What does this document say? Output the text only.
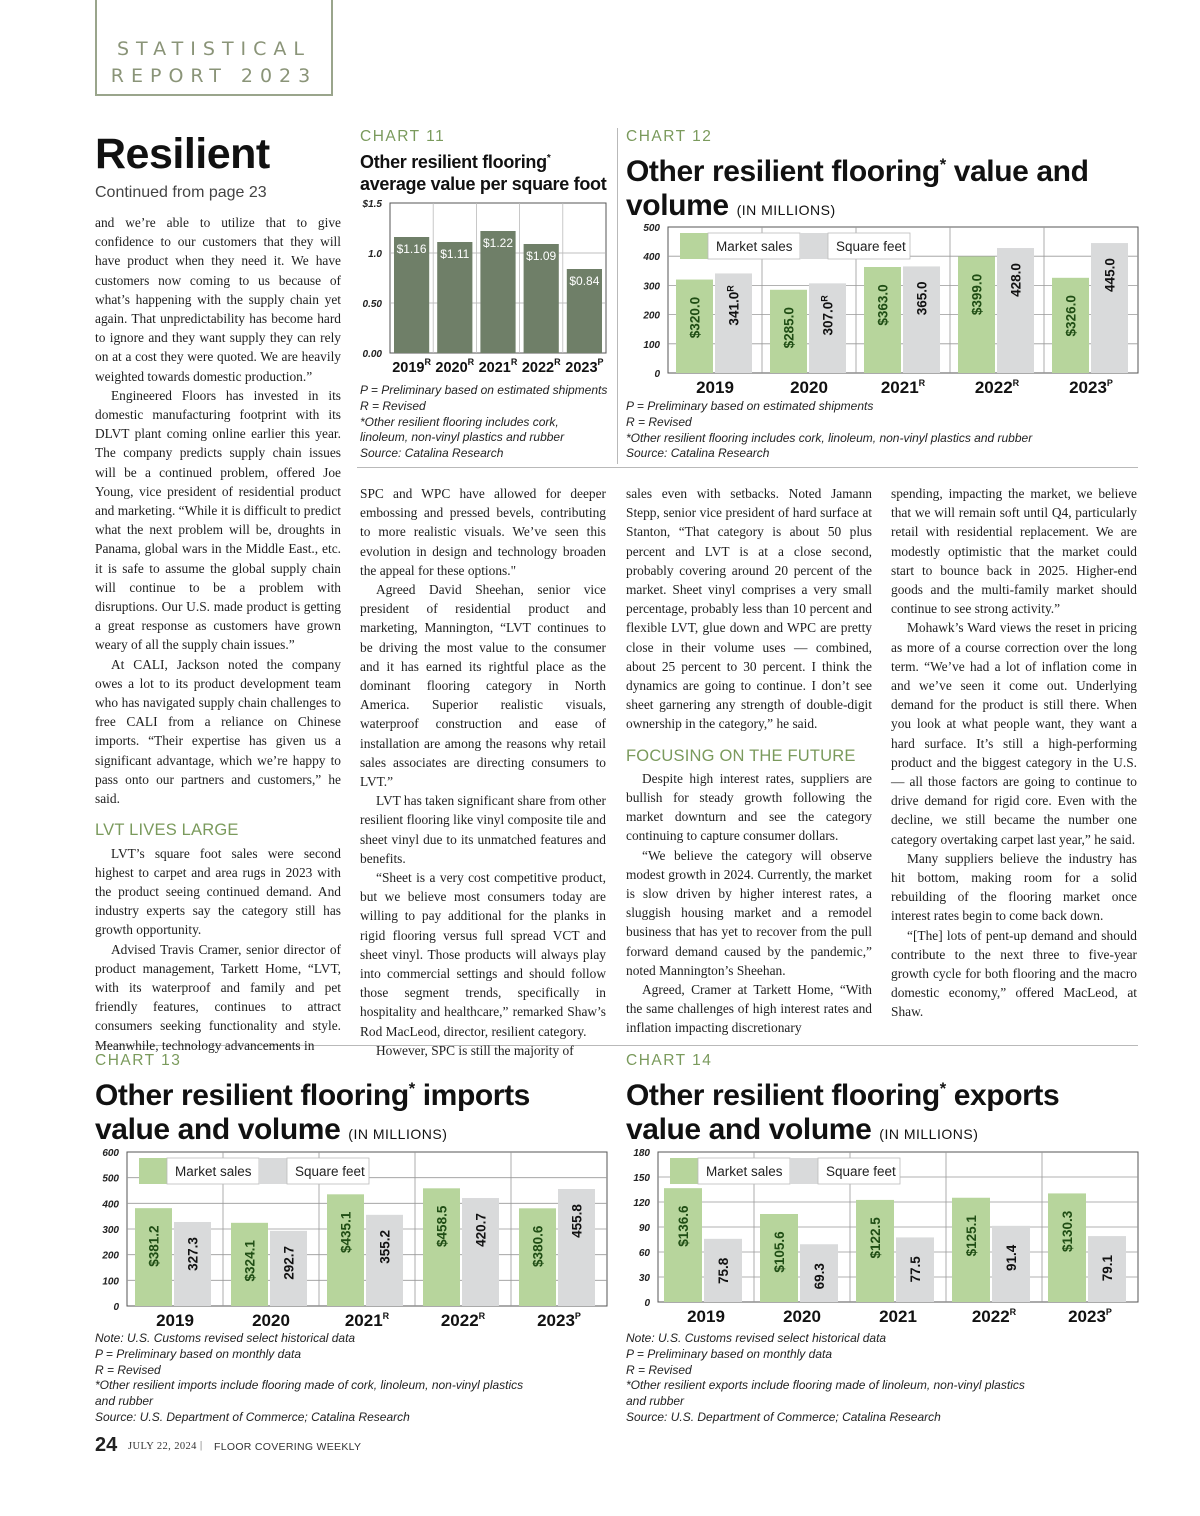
STATISTICAL
REPORT 2023
Resilient
Continued from page 23
CHART 11
Other resilient flooring*
average value per square foot
$1.5
1.0
0.50
0.00
$1.16
$2019^R$
$1.11
$2020^R$
$1.22
$2021^R$
$1.09
$2022^R$
$0.84
$2023^P$
P = Preliminary based on estimated shipments
R = Revised
*Other resilient flooring includes cork, linoleum, non-vinyl plastics and rubber
Source: Catalina Research
CHART 12
Other resilient flooring* value and
volume (IN MILLIONS)
500
400
300
200
100
0
Market sales	Square feet
$320.0 $341.0^R$
2019
$285.0 $307.0^R$
2020
$363.0 365.0
$2021^R$
$399.0 428.0
$2022^R$
$326.0
445.0
$2023^P$
P = Preliminary based on estimated shipments
R = Revised
*Other resilient flooring includes cork, linoleum, non-vinyl plastics and rubber
Source: Catalina Research

and we’re able to utilize that to give confidence to our customers that they will have product when they need it. We have customers now coming to us because of what’s happening with the supply chain yet again. That unpredictability has become hard to ignore and they want supply they can rely on at a cost they were quoted. We are heavily weighted towards domestic production.”

Engineered Floors has invested in its domestic manufacturing footprint with its DLVT plant coming online earlier this year. The company predicts supply chain issues will be a continued problem, offered Joe Young, vice president of residential product and marketing. “While it is difficult to predict what the next problem will be, droughts in Panama, global wars in the Middle East., etc. it is safe to assume the global supply chain will continue to be a problem with disruptions. Our U.S. made product is getting a great response as customers have grown weary of all the supply chain issues.”

At CALI, Jackson noted the company owes a lot to its product development team who has navigated supply chain challenges to free CALI from a reliance on Chinese imports. “Their expertise has given us a significant advantage, which we’re happy to pass onto our partners and customers,” he said.

LVT LIVES LARGE

LVT’s square foot sales were second highest to carpet and area rugs in 2023 with the product seeing continued demand. And industry experts say the category still has growth opportunity.

Advised Travis Cramer, senior director of product management, Tarkett Home, “LVT, with its waterproof and family and pet friendly features, continues to attract consumers seeking functionality and style. Meanwhile, technology advancements in

SPC and WPC have allowed for deeper embossing and pressed bevels, contributing to more realistic visuals. We’ve seen this evolution in design and technology broaden the appeal for these options."

Agreed David Sheehan, senior vice president of residential product and marketing, Mannington, “LVT continues to be driving the most value to the consumer and it has earned its rightful place as the dominant flooring category in North America. Superior realistic visuals, waterproof construction and ease of installation are among the reasons why retail sales associates are directing consumers to LVT.”

LVT has taken significant share from other resilient flooring like vinyl composite tile and sheet vinyl due to its unmatched features and benefits.

“Sheet is a very cost competitive product, but we believe most consumers today are willing to pay additional for the planks in rigid flooring versus full spread VCT and sheet vinyl. Those products will always play into commercial settings and should follow those segment trends, specifically in hospitality and healthcare,” remarked Shaw’s Rod MacLeod, director, resilient category.

However, SPC is still the majority of

sales even with setbacks. Noted Jamann Stepp, senior vice president of hard surface at Stanton, “That category is about 50 plus percent and LVT is at a close second, probably covering around 20 percent of the market. Sheet vinyl comprises a very small percentage, probably less than 10 percent and flexible LVT, glue down and WPC are pretty close in their volume uses — combined, about 25 percent to 30 percent. I think the dynamics are going to continue. I don’t see sheet garnering any strength of double-digit ownership in the category,” he said.

FOCUSING ON THE FUTURE

Despite high interest rates, suppliers are bullish for steady growth following the market downturn and see the category continuing to capture consumer dollars.

“We believe the category will observe modest growth in 2024. Currently, the market is slow driven by higher interest rates, a sluggish housing market and a remodel business that has yet to recover from the pull forward demand caused by the pandemic,” noted Mannington’s Sheehan.

Agreed, Cramer at Tarkett Home, “With the same challenges of high interest rates and inflation impacting discretionary

spending, impacting the market, we believe that we will remain soft until Q4, particularly retail with residential replacement. We are modestly optimistic that the market could start to bounce back in 2025. Higher-end goods and the multi-family market should continue to see strong activity.”

Mohawk’s Ward views the reset in pricing as more of a course correction over the long term. “We’ve had a lot of inflation come in and we’ve seen it come out. Underlying demand for the product is still there. When you look at what people want, they want a hard surface. It’s still a high-performing product and the biggest category in the U.S. — all those factors are going to continue to drive demand for rigid core. Even with the decline, we still became the number one category overtaking carpet last year,” he said.

Many suppliers believe the industry has hit bottom, making room for a solid rebuilding of the flooring market once interest rates begin to come back down.

“[The] lots of pent-up demand and should contribute to the next three to five-year growth cycle for both flooring and the macro domestic economy,” offered MacLeod, at Shaw.

CHART 13
Other resilient flooring* imports
value and volume (IN MILLIONS)
600
500
400
300
200
100
0
Market sales	Square feet
$381.2 327.3
2019
$324.1 292.7
2020
$435.1 355.2
$2021^R$
$458.5 420.7
$2022^R$
$380.6
455.8
$2023^P$
Note: U.S. Customs revised select historical data
P = Preliminary based on monthly data
R = Revised
*Other resilient imports include flooring made of cork, linoleum, non-vinyl plastics
and rubber
Source: U.S. Department of Commerce; Catalina Research
CHART 14
Other resilient flooring* exports
value and volume (IN MILLIONS)
180
150
120
90
60
30
0
Market sales	Square feet
$136.6
75.8
2019
$105.6
69.3
2020
$122.5
77.5
2021
$125.1
91.4
$2022^R$
$130.3
79.1
$2023^P$
Note: U.S. Customs revised select historical data
P = Preliminary based on monthly data
R = Revised
*Other resilient exports include flooring made of linoleum, non-vinyl plastics
and rubber
Source: U.S. Department of Commerce; Catalina Research
24 JULY 22, 2024 | FLOOR COVERING WEEKLY
